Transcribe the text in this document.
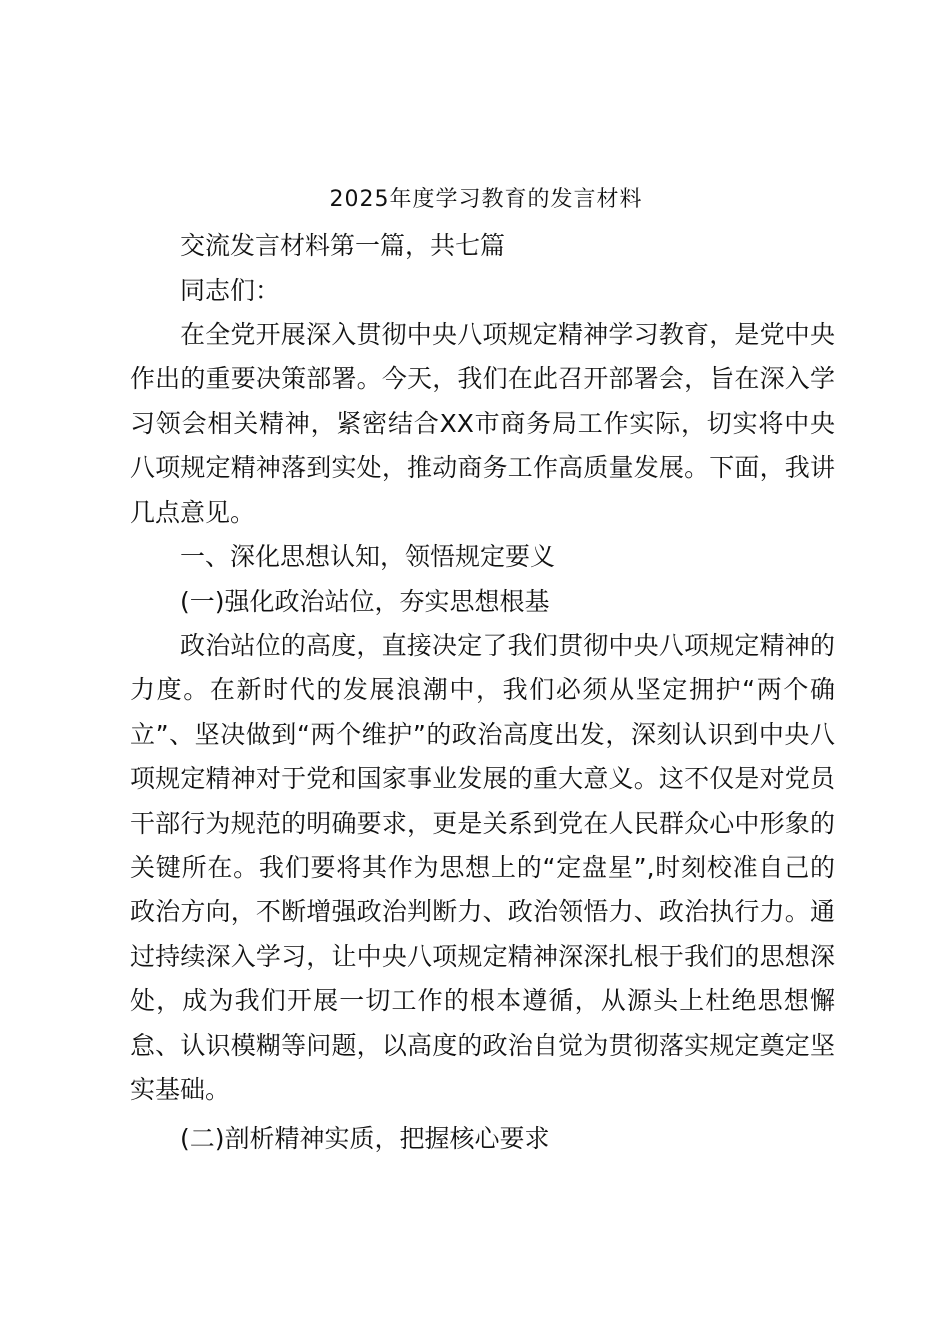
2025年度学习教育的发言材料

交流发言材料第一篇，共七篇

同志们：

在全党开展深入贯彻中央八项规定精神学习教育，是党中央作出的重要决策部署。今天，我们在此召开部署会，旨在深入学习领会相关精神，紧密结合XX市商务局工作实际，切实将中央八项规定精神落到实处，推动商务工作高质量发展。下面，我讲几点意见。

一、深化思想认知，领悟规定要义

(一)强化政治站位，夯实思想根基

政治站位的高度，直接决定了我们贯彻中央八项规定精神的力度。在新时代的发展浪潮中，我们必须从坚定拥护“两个确立”、坚决做到“两个维护”的政治高度出发，深刻认识到中央八项规定精神对于党和国家事业发展的重大意义。这不仅是对党员干部行为规范的明确要求，更是关系到党在人民群众心中形象的关键所在。我们要将其作为思想上的“定盘星”,时刻校准自己的政治方向，不断增强政治判断力、政治领悟力、政治执行力。通过持续深入学习，让中央八项规定精神深深扎根于我们的思想深处，成为我们开展一切工作的根本遵循，从源头上杜绝思想懈怠、认识模糊等问题，以高度的政治自觉为贯彻落实规定奠定坚实基础。

(二)剖析精神实质，把握核心要求
